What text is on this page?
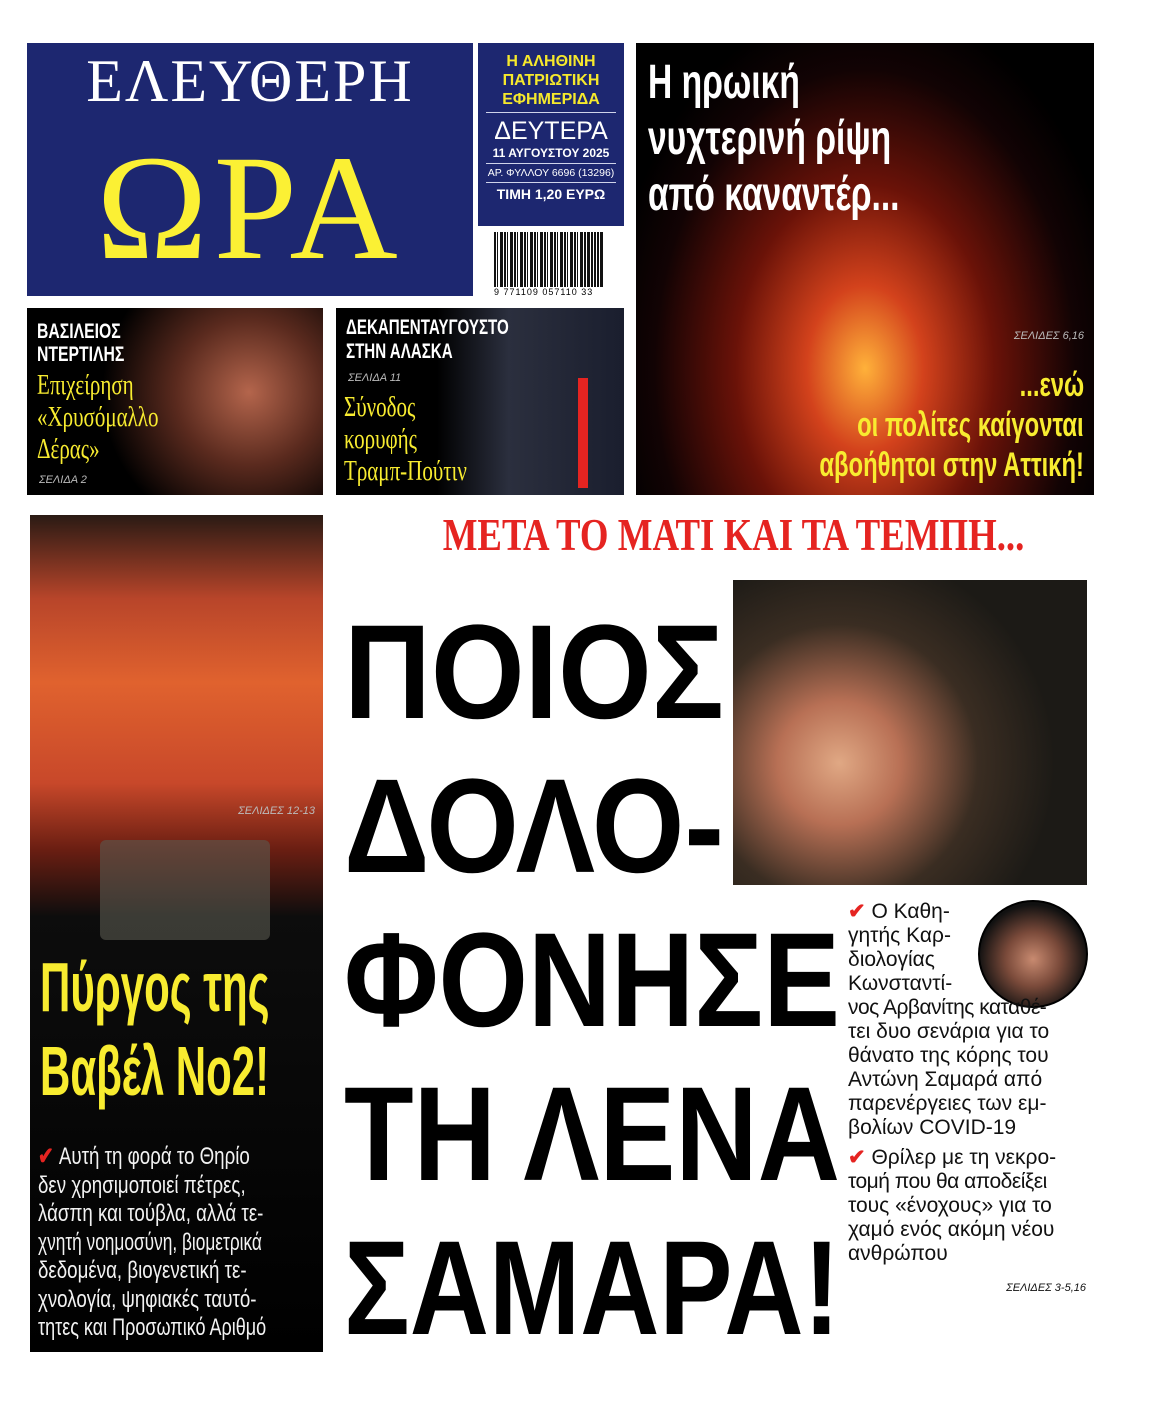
ΕΛΕΥΘΕΡΗ
ΩΡΑ
Η ΑΛΗΘΙΝΗ
ΠΑΤΡΙΩΤΙΚΗ
ΕΦΗΜΕΡΙΔΑ
ΔΕΥΤΕΡΑ
11 ΑΥΓΟΥΣΤΟΥ 2025
ΑΡ. ΦΥΛΛΟΥ 6696 (13296)
ΤΙΜΗ 1,20 ΕΥΡΩ
9 771109 057110 33
Η ηρωική
νυχτερινή ρίψη
από καναντέρ...
ΣΕΛΙΔΕΣ 6,16
...ενώ
οι πολίτες καίγονται
αβοήθητοι στην Αττική!
ΒΑΣΙΛΕΙΟΣ
ΝΤΕΡΤΙΛΗΣ
Επιχείρηση
«Χρυσόμαλλο
Δέρας»
ΣΕΛΙΔΑ 2
ΔΕΚΑΠΕΝΤΑΥΓΟΥΣΤΟ
ΣΤΗΝ ΑΛΑΣΚΑ
ΣΕΛΙΔΑ 11
Σύνοδος
κορυφής
Τραμπ-Πούτιν
ΣΕΛΙΔΕΣ 12-13
Πύργος της
Βαβέλ Νο2!
✔ Αυτή τη φορά το Θηρίο
δεν χρησιμοποιεί πέτρες,
λάσπη και τούβλα, αλλά τε-
χνητή νοημοσύνη, βιομετρικά
δεδομένα, βιογενετική τε-
χνολογία, ψηφιακές ταυτό-
τητες και Προσωπικό Αριθμό
ΜΕΤΑ ΤΟ ΜΑΤΙ ΚΑΙ ΤΑ ΤΕΜΠΗ...
ΠΟΙΟΣ
ΔΟΛΟ-
ΦΟΝΗΣΕ
ΤΗ ΛΕΝΑ
ΣΑΜΑΡΑ!
✔ Ο Καθη-
γητής Καρ-
διολογίας
Κωνσταντί-
νος Αρβανίτης καταθέ-
τει δυο σενάρια για το
θάνατο της κόρης του
Αντώνη Σαμαρά από
παρενέργειες των εμ-
βολίων COVID-19
✔ Θρίλερ με τη νεκρο-
τομή που θα αποδείξει
τους «ένοχους» για το
χαμό ενός ακόμη νέου
ανθρώπου
ΣΕΛΙΔΕΣ 3-5,16
